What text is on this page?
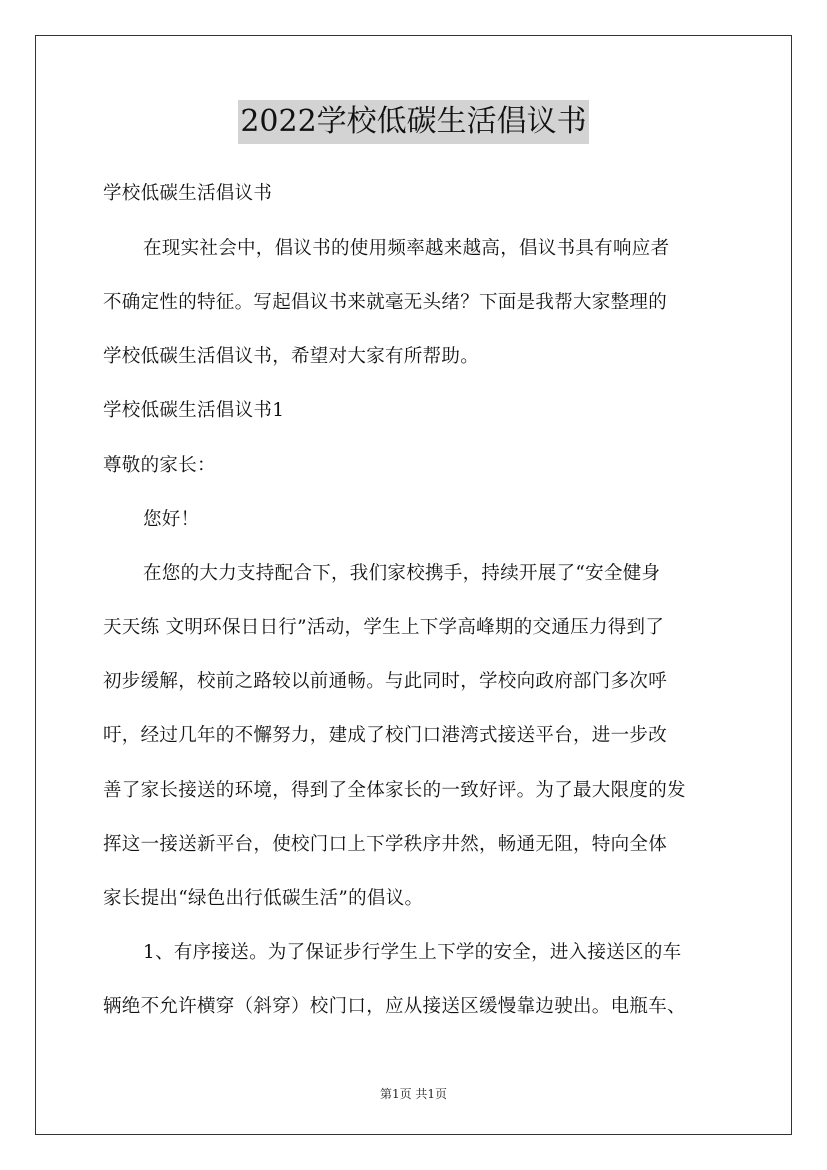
2022学校低碳生活倡议书
学校低碳生活倡议书
在现实社会中，倡议书的使用频率越来越高，倡议书具有响应者
不确定性的特征。写起倡议书来就毫无头绪？下面是我帮大家整理的
学校低碳生活倡议书，希望对大家有所帮助。
学校低碳生活倡议书1
尊敬的家长：
您好！
在您的大力支持配合下，我们家校携手，持续开展了“安全健身
天天练 文明环保日日行”活动，学生上下学高峰期的交通压力得到了
初步缓解，校前之路较以前通畅。与此同时，学校向政府部门多次呼
吁，经过几年的不懈努力，建成了校门口港湾式接送平台，进一步改
善了家长接送的环境，得到了全体家长的一致好评。为了最大限度的发
挥这一接送新平台，使校门口上下学秩序井然，畅通无阻，特向全体
家长提出“绿色出行低碳生活”的倡议。
1、有序接送。为了保证步行学生上下学的安全，进入接送区的车
辆绝不允许横穿（斜穿）校门口，应从接送区缓慢靠边驶出。电瓶车、
第1页 共1页
